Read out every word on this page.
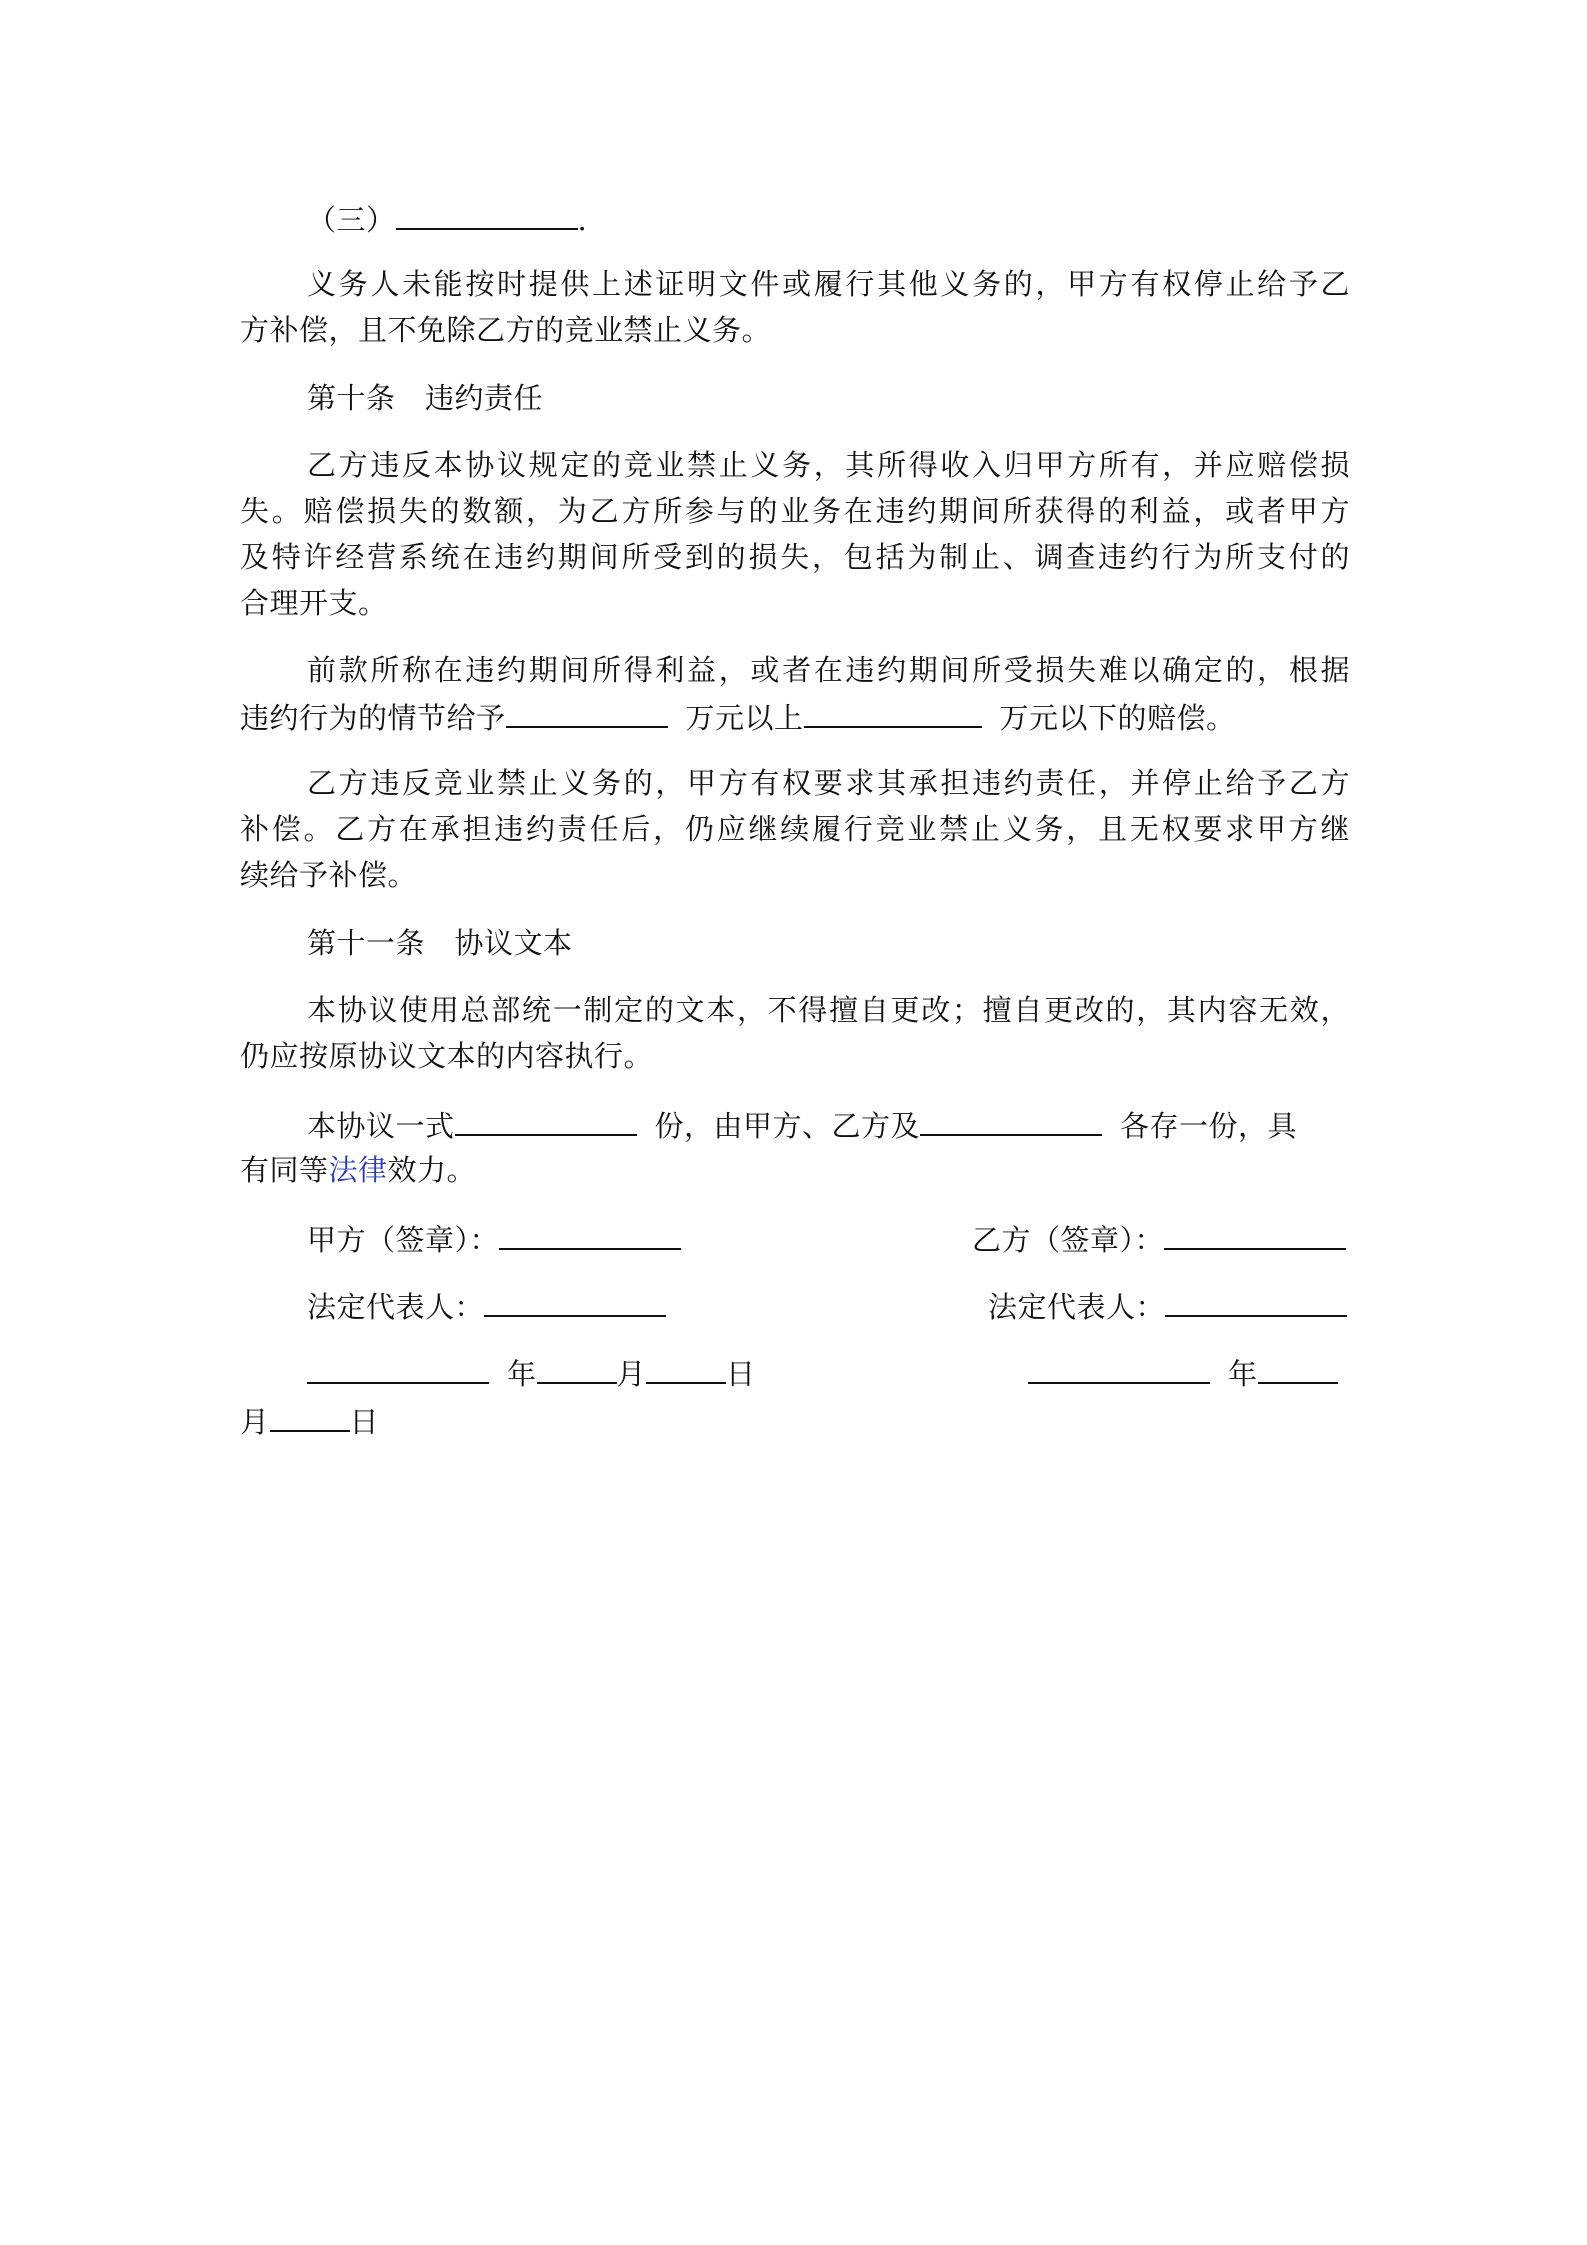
（三）	.
义务人未能按时提供上述证明文件或履行其他义务的，甲方有权停止给予乙
方补偿，且不免除乙方的竞业禁止义务。
第十条　违约责任
乙方违反本协议规定的竞业禁止义务，其所得收入归甲方所有，并应赔偿损
失。赔偿损失的数额，为乙方所参与的业务在违约期间所获得的利益，或者甲方
及特许经营系统在违约期间所受到的损失，包括为制止、调查违约行为所支付的
合理开支。
前款所称在违约期间所得利益，或者在违约期间所受损失难以确定的，根据
违约行为的情节给予	万元以上	万元以下的赔偿。
乙方违反竞业禁止义务的，甲方有权要求其承担违约责任，并停止给予乙方
补偿。乙方在承担违约责任后，仍应继续履行竞业禁止义务，且无权要求甲方继
续给予补偿。
第十一条　协议文本
本协议使用总部统一制定的文本，不得擅自更改；擅自更改的，其内容无效，
仍应按原协议文本的内容执行。
本协议一式	份，由甲方、乙方及	各存一份，具
有同等法律效力。
甲方（签章）：	乙方（签章）：
法定代表人：	法定代表人：
年	月	日	年
月	日
